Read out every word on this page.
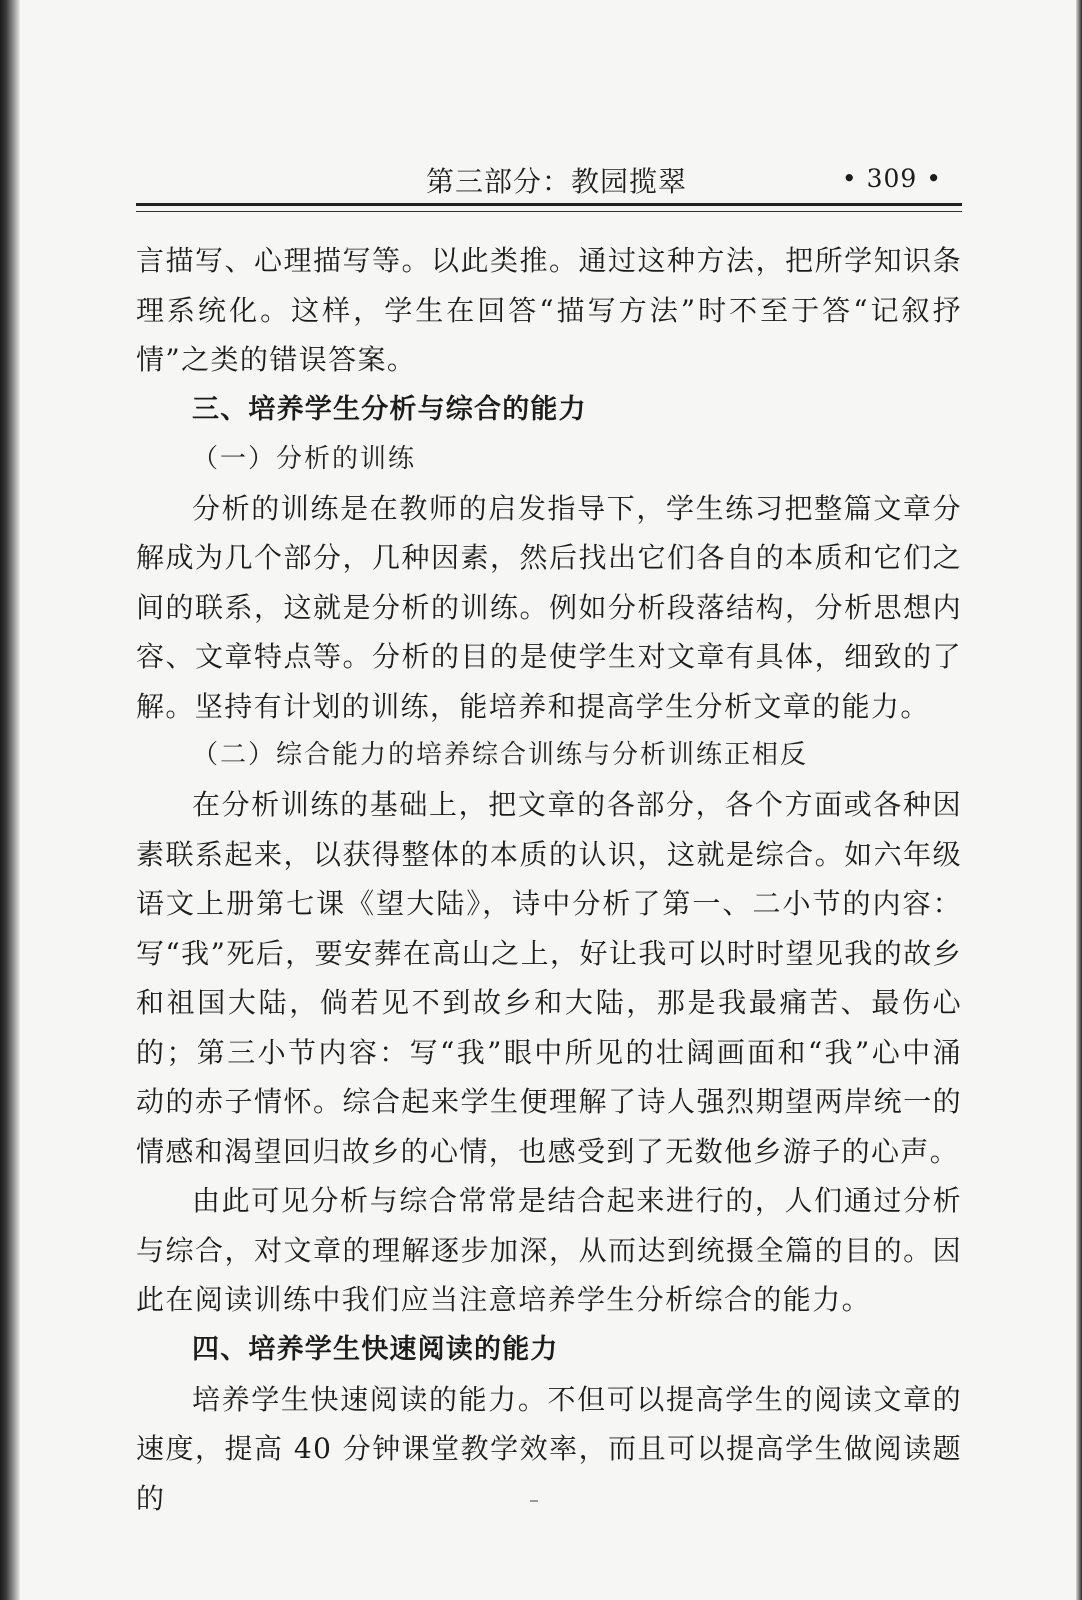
第三部分：教园揽翠	• 309 •

言描写、心理描写等。以此类推。通过这种方法，把所学知识条理系统化。这样，学生在回答“描写方法”时不至于答“记叙抒情”之类的错误答案。

三、培养学生分析与综合的能力

（一）分析的训练

分析的训练是在教师的启发指导下，学生练习把整篇文章分解成为几个部分，几种因素，然后找出它们各自的本质和它们之间的联系，这就是分析的训练。例如分析段落结构，分析思想内容、文章特点等。分析的目的是使学生对文章有具体，细致的了解。坚持有计划的训练，能培养和提高学生分析文章的能力。

（二）综合能力的培养综合训练与分析训练正相反

在分析训练的基础上，把文章的各部分，各个方面或各种因素联系起来，以获得整体的本质的认识，这就是综合。如六年级语文上册第七课《望大陆》，诗中分析了第一、二小节的内容：写“我”死后，要安葬在高山之上，好让我可以时时望见我的故乡和祖国大陆，倘若见不到故乡和大陆，那是我最痛苦、最伤心的；第三小节内容：写“我”眼中所见的壮阔画面和“我”心中涌动的赤子情怀。综合起来学生便理解了诗人强烈期望两岸统一的情感和渴望回归故乡的心情，也感受到了无数他乡游子的心声。

由此可见分析与综合常常是结合起来进行的，人们通过分析与综合，对文章的理解逐步加深，从而达到统摄全篇的目的。因此在阅读训练中我们应当注意培养学生分析综合的能力。

四、培养学生快速阅读的能力

培养学生快速阅读的能力。不但可以提高学生的阅读文章的速度，提高 40 分钟课堂教学效率，而且可以提高学生做阅读题的
